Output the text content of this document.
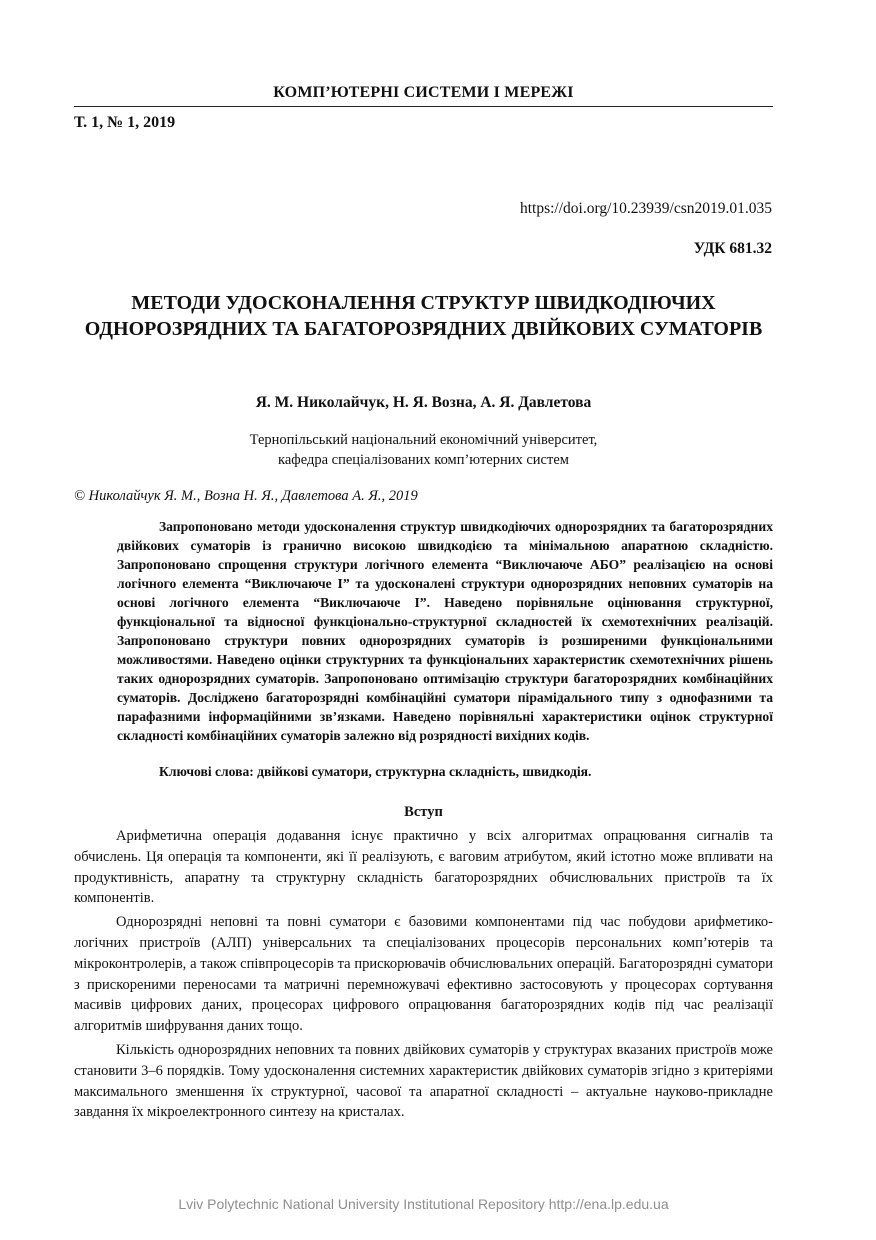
КОМП’ЮТЕРНІ СИСТЕМИ І МЕРЕЖІ
Т. 1, № 1, 2019
https://doi.org/10.23939/csn2019.01.035
УДК 681.32
МЕТОДИ УДОСКОНАЛЕННЯ СТРУКТУР ШВИДКОДІЮЧИХ ОДНОРОЗРЯДНИХ ТА БАГАТОРОЗРЯДНИХ ДВІЙКОВИХ СУМАТОРІВ
Я. М. Николайчук, Н. Я. Возна, А. Я. Давлетова
Тернопільський національний економічний університет,
кафедра спеціалізованих комп’ютерних систем
© Николайчук Я. М., Возна Н. Я., Давлетова А. Я., 2019

Запропоновано методи удосконалення структур швидкодіючих однорозрядних та багаторозрядних двійкових суматорів із гранично високою швидкодією та мінімальною апаратною складністю. Запропоновано спрощення структури логічного елемента “Виключаюче АБО” реалізацією на основі логічного елемента “Виключаюче І” та удосконалені структури однорозрядних неповних суматорів на основі логічного елемента “Виключаюче І”. Наведено порівняльне оцінювання структурної, функціональної та відносної функціонально-структурної складностей їх схемотехнічних реалізацій. Запропоновано структури повних однорозрядних суматорів із розширеними функціональними можливостями. Наведено оцінки структурних та функціональних характеристик схемотехнічних рішень таких однорозрядних суматорів. Запропоновано оптимізацію структури багаторозрядних комбінаційних суматорів. Досліджено багаторозрядні комбінаційні суматори пірамідального типу з однофазними та парафазними інформаційними зв’язками. Наведено порівняльні характеристики оцінок структурної складності комбінаційних суматорів залежно від розрядності вихідних кодів.

Ключові слова: двійкові суматори, структурна складність, швидкодія.
Вступ

Арифметична операція додавання існує практично у всіх алгоритмах опрацювання сигналів та обчислень. Ця операція та компоненти, які її реалізують, є ваговим атрибутом, який істотно може впливати на продуктивність, апаратну та структурну складність багаторозрядних обчислювальних пристроїв та їх компонентів.

Однорозрядні неповні та повні суматори є базовими компонентами під час побудови арифметико-логічних пристроїв (АЛП) універсальних та спеціалізованих процесорів персональних комп’ютерів та мікроконтролерів, а також співпроцесорів та прискорювачів обчислювальних операцій. Багаторозрядні суматори з прискореними переносами та матричні перемножувачі ефективно застосовують у процесорах сортування масивів цифрових даних, процесорах цифрового опрацювання багаторозрядних кодів під час реалізації алгоритмів шифрування даних тощо.

Кількість однорозрядних неповних та повних двійкових суматорів у структурах вказаних пристроїв може становити 3–6 порядків. Тому удосконалення системних характеристик двійкових суматорів згідно з критеріями максимального зменшення їх структурної, часової та апаратної складності – актуальне науково-прикладне завдання їх мікроелектронного синтезу на кристалах.

Lviv Polytechnic National University Institutional Repository http://ena.lp.edu.ua
